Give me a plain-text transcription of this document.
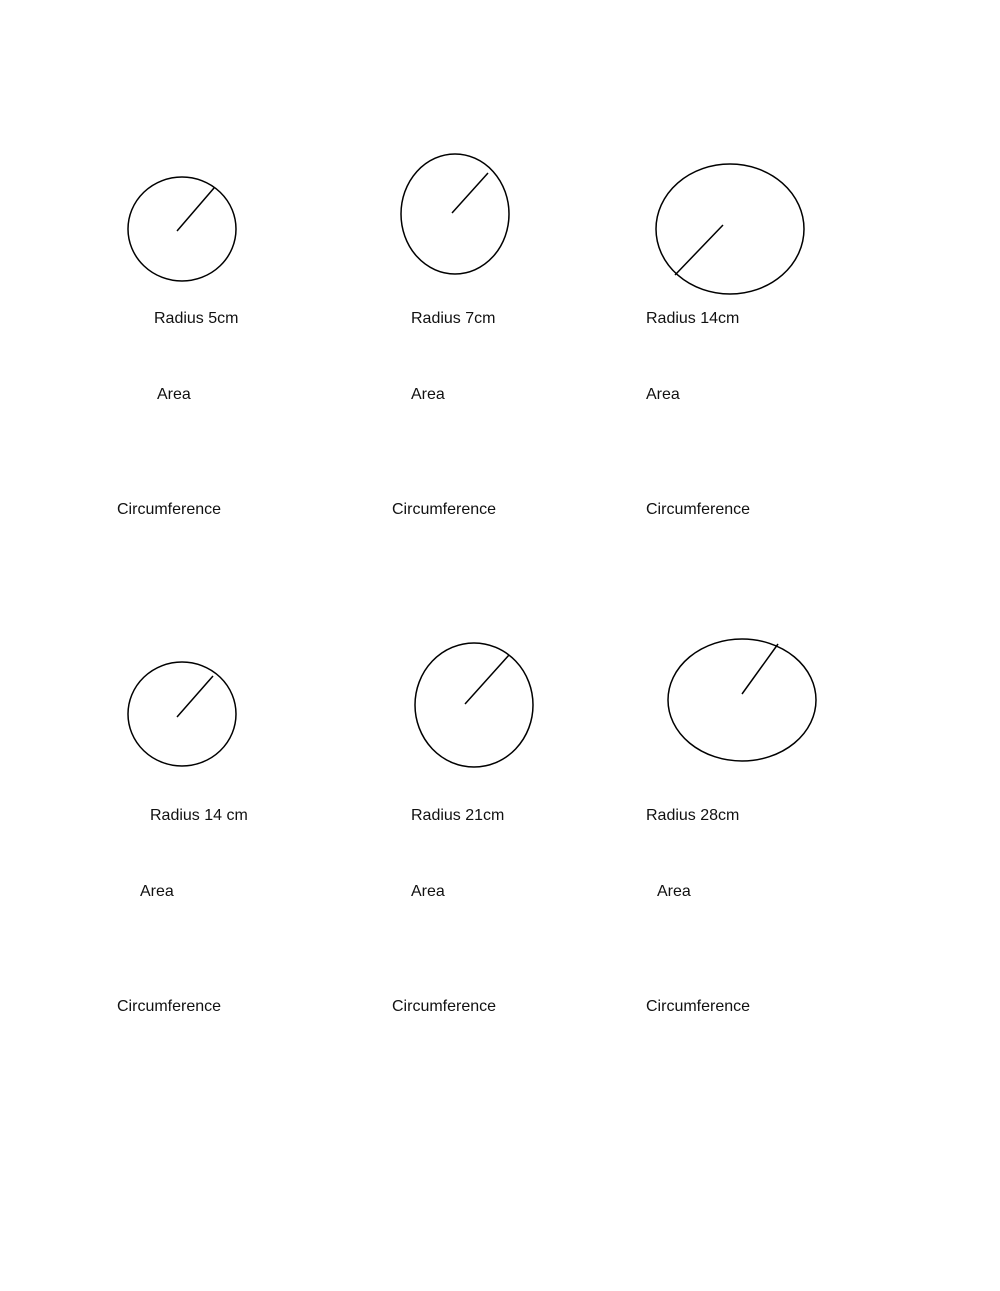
Radius 5cm
Area
Circumference
Radius 7cm
Area
Circumference
Radius 14cm
Area
Circumference
Radius 14 cm
Area
Circumference
Radius 21cm
Area
Circumference
Radius 28cm
Area
Circumference
